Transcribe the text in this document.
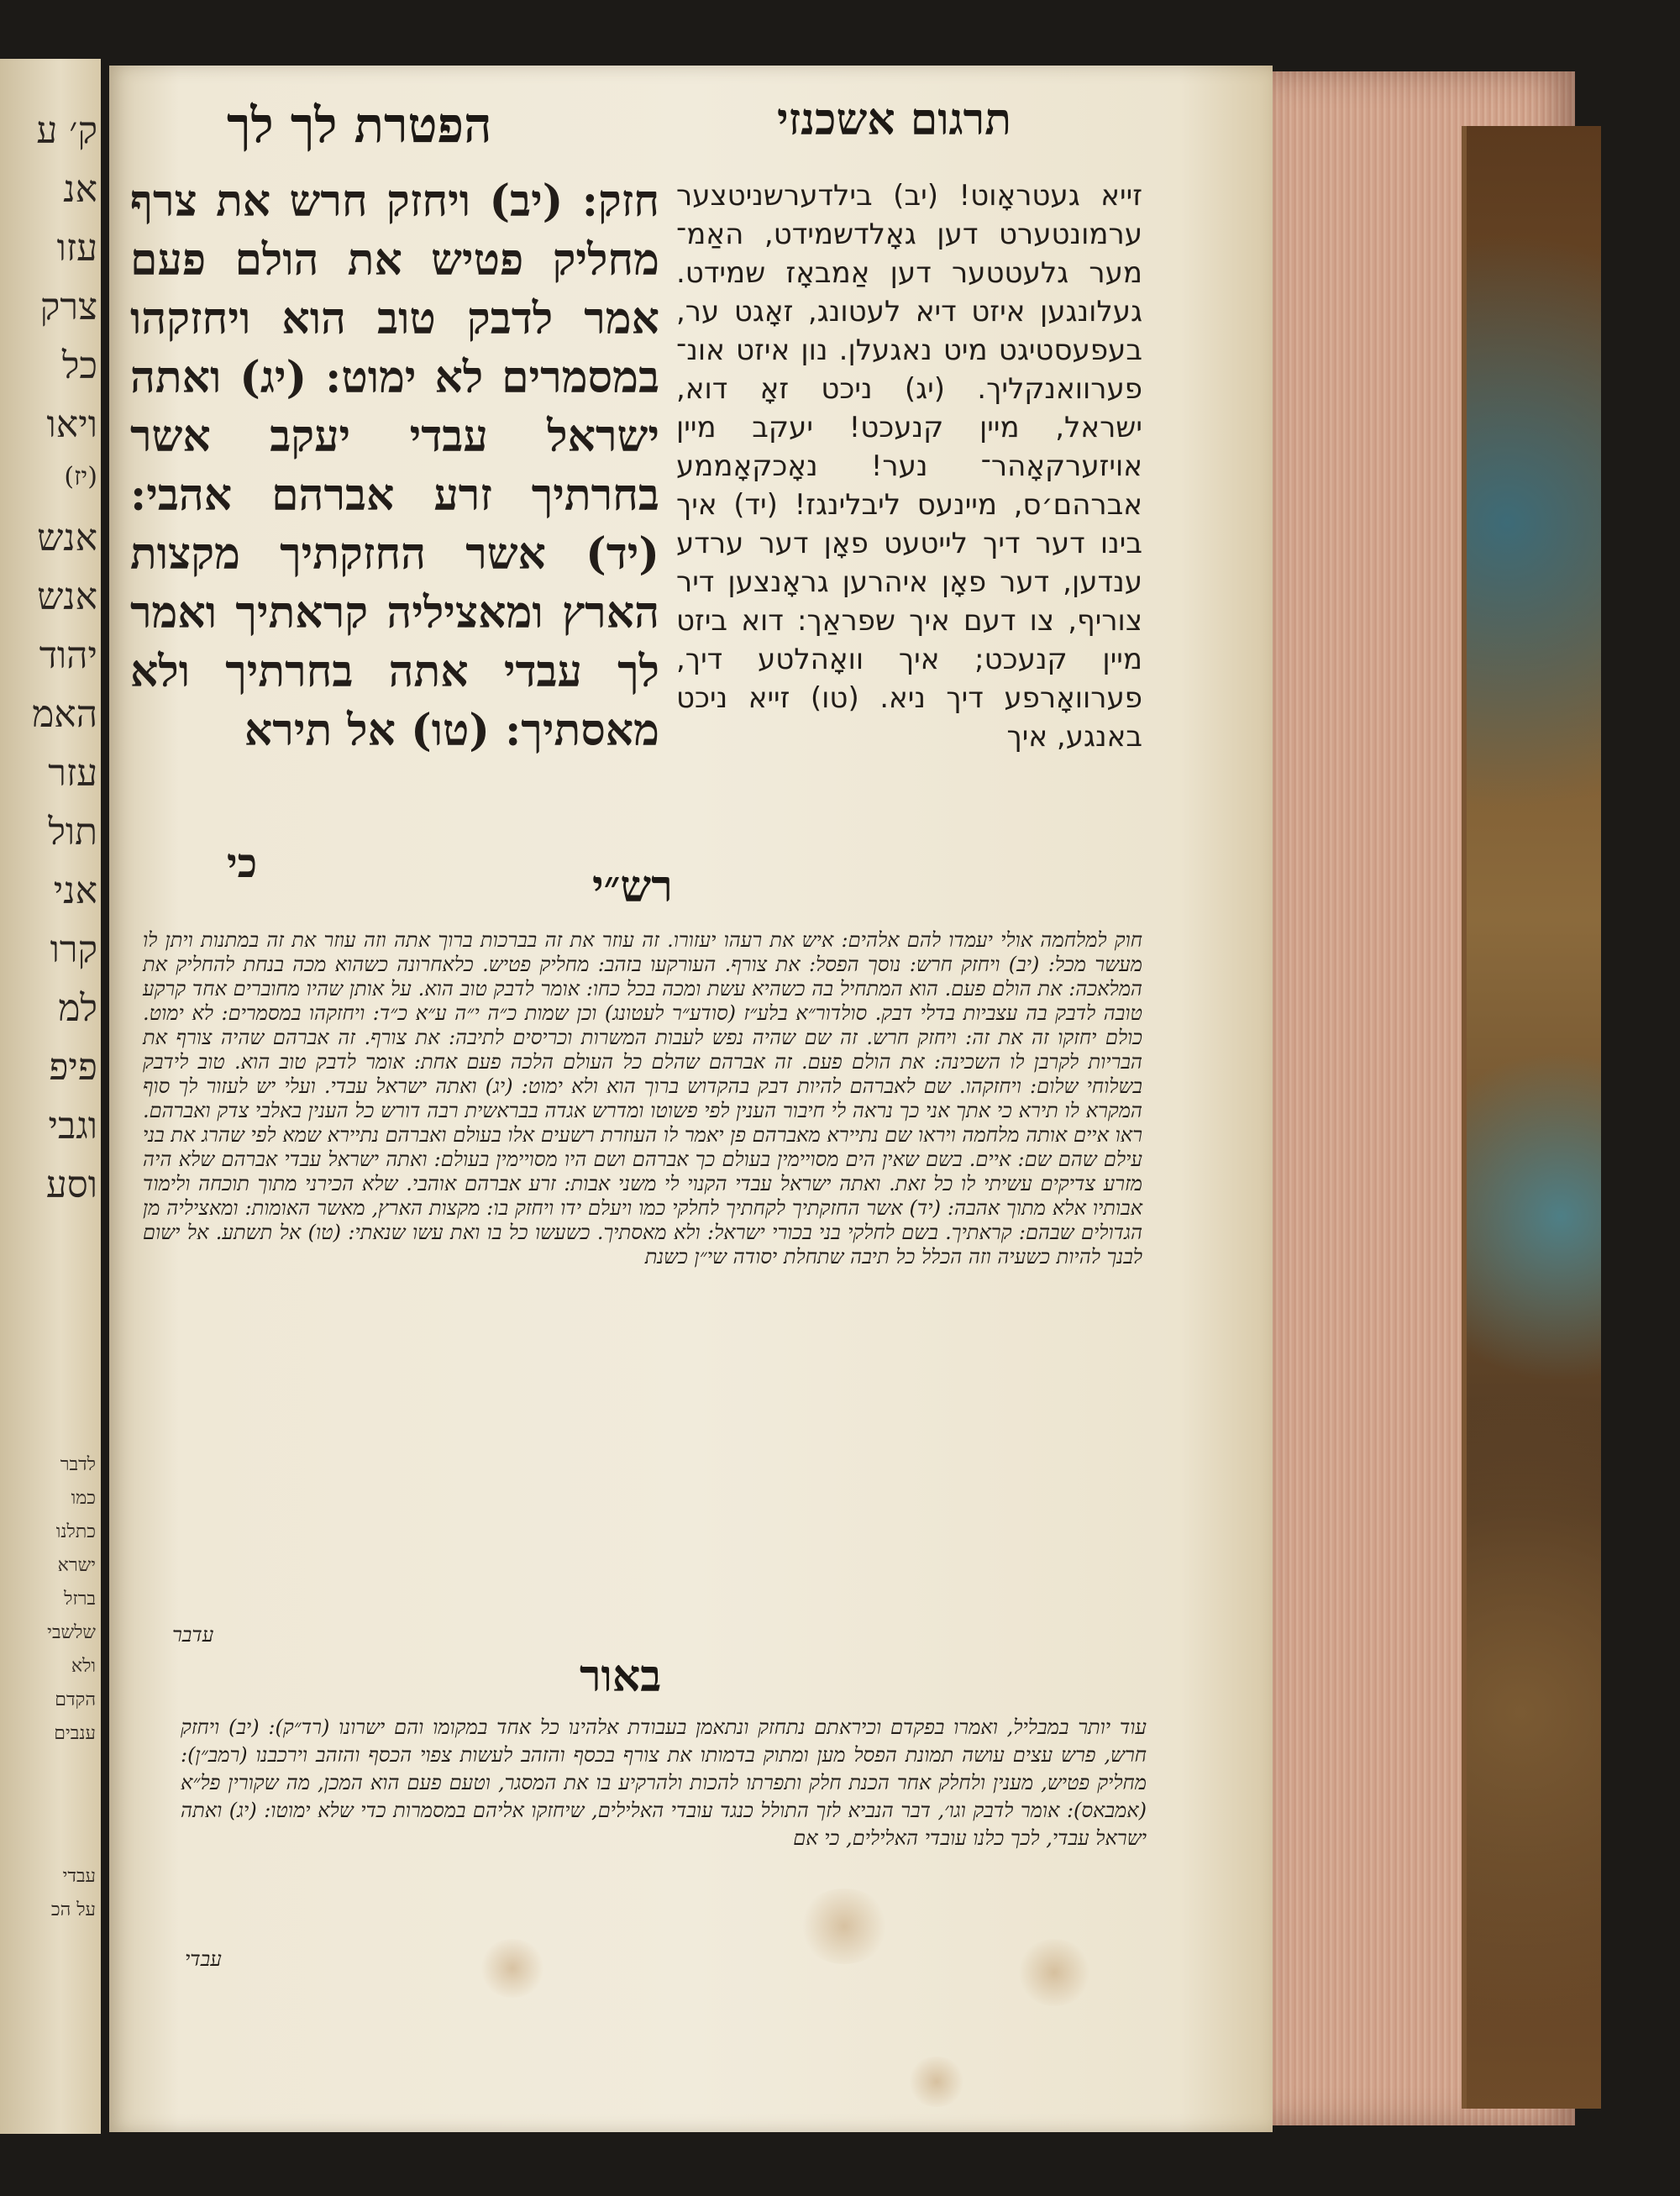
ק׳ ע
אנ
עזו
צרק
כל
ויאו
(יז)
אנש
אנש
יהוד
האמ
עזר
תול
אני
קרו
למ
פיפ
וגבי
וסע
לדבר
כמו
כתלנו
ישרא
ברזל
שלשבי
ולא
הקדם
ענבים
עבדי
על הכ
הפטרת לך לך	תרגום אשכנזי
חזק: (יב) ויחזק חרש את צרף מחליק פטיש את הולם פעם אמר לדבק טוב הוא ויחזקהו במסמרים לא ימוט: (יג) ואתה ישראל עבדי יעקב אשר בחרתיך זרע אברהם אהבי: (יד) אשר החזקתיך מקצות הארץ ומאציליה קראתיך ואמר לך עבדי אתה בחרתיך ולא מאסתיך: (טו) אל תירא
כי
זייא געטראָוט! (יב) בילדערשניטצער ערמונטערט דען גאָלדשמידט, האַמ־ מער גלעטטער דען אַמבאָז שמידט. געלונגען איזט דיא לעטונג, זאָגט ער, בעפעסטיגט מיט נאגעלן. נון איזט אונ־ פערוואנקליך. (יג) ניכט זאָ דוא, ישראל, מיין קנעכט! יעקב מיין אויזערקאָהר־ נער! נאָכקאָממע אברהם׳ס, מיינעס ליבלינגז! (יד) איך בינו דער דיך לייטעט פאָן דער ערדע ענדען, דער פאָן איהרען גראָנצען דיר צוריף, צו דעם איך שפראַך: דוא ביזט מיין קנעכט; איך וואָהלטע דיך, פערוואָרפע דיך ניא. (טו) זייא ניכט באנגע, איך
רש״י
חוק למלחמה אולי יעמדו להם אלהים: איש את רעהו יעזורו. זה עוזר את זה בברכות ברוך אתה וזה עוזר את זה במתנות ויתן לו מעשר מכל: (יב) ויחזק חרש: נוסך הפסל: את צורף. העורקעו בזהב: מחליק פטיש. כלאחרונה כשהוא מכה בנחת להחליק את המלאכה: את הולם פעם. הוא המתחיל בה כשהיא עשת ומכה בכל כחו: אומר לדבק טוב הוא. על אותן שהיו מחוברים אחד קרקע טובה לדבק בה עצביות בדלי דבק. סולדור״א בלע״ז (סודע״ר לעטונג) וכן שמות כ״ה י״ה ע״א כ״ד: ויחזקהו במסמרים: לא ימוט. כולם יחזקו זה את זה: ויחזק חרש. זה שם שהיה נפש לעבות המשרות וכריסים לתיבה: את צורף. זה אברהם שהיה צורף את הבריות לקרבן לו השכינה: את הולם פעם. זה אברהם שהלם כל העולם הלכה פעם אחת: אומר לדבק טוב הוא. טוב לידבק בשלוחי שלום: ויחזקהו. שם לאברהם להיות דבק בהקדוש ברוך הוא ולא ימוט: (יג) ואתה ישראל עבדי. ועלי יש לעזור לך סוף המקרא לו תירא כי אתך אני כך נראה לי חיבור הענין לפי פשוטו ומדרש אגדה בבראשית רבה דורש כל הענין באלבי צדק ואברהם. ראו איים אותה מלחמה ויראו שם נתיירא מאברהם פן יאמר לו העוזרת רשעים אלו בעולם ואברהם נתיירא שמא לפי שהרג את בני עילם שהם שם: איים. בשם שאין הים מסויימין בעולם כך אברהם ושם היו מסויימין בעולם: ואתה ישראל עבדי אברהם שלא היה מזרע צדיקים עשיתי לו כל זאת. ואתה ישראל עבדי הקנוי לי משני אבות: זרע אברהם אוהבי. שלא הכירני מתוך תוכחה ולימוד אבותיו אלא מתוך אהבה: (יד) אשר החזקתיך לקחתיך לחלקי כמו ויעלם ידו ויחזק בו: מקצות הארץ, מאשר האומות: ומאציליה מן הגדולים שבהם: קראתיך. בשם לחלקי בני בכורי ישראל: ולא מאסתיך. כשעשו כל בו ואת עשו שנאתי: (טו) אל תשתע. אל ישום לבנך להיות כשעיה וזה הכלל כל תיבה שתחלת יסודה שי״ן כשנת
עדבר
באור
עוד יותר במבליל, ואמרו בפקדם וכיראתם נתחזק ונתאמן בעבודת אלהינו כל אחד במקומו והם ישרונו (רד״ק): (יב) ויחזק חרש, פרש עצים עושה תמונת הפסל מען ומתוק בדמותו את צורף בכסף והזהב לעשות צפוי הכסף והזהב וירכבנו (רמב״ן): מחליק פטיש, מענין ולחלק אחר הכנת חלק ותפרתו להכות ולהרקיע בו את המסגר, וטעם פעם הוא המכן, מה שקורין פל״א (אמבאס): אומר לדבק וגו׳, דבר הנביא לזך התולל כנגד עובדי האלילים, שיחזקו אליהם במסמרות כדי שלא ימוטו: (יג) ואתה ישראל עבדי, לכך כלנו עובדי האלילים, כי אם
עבדי
